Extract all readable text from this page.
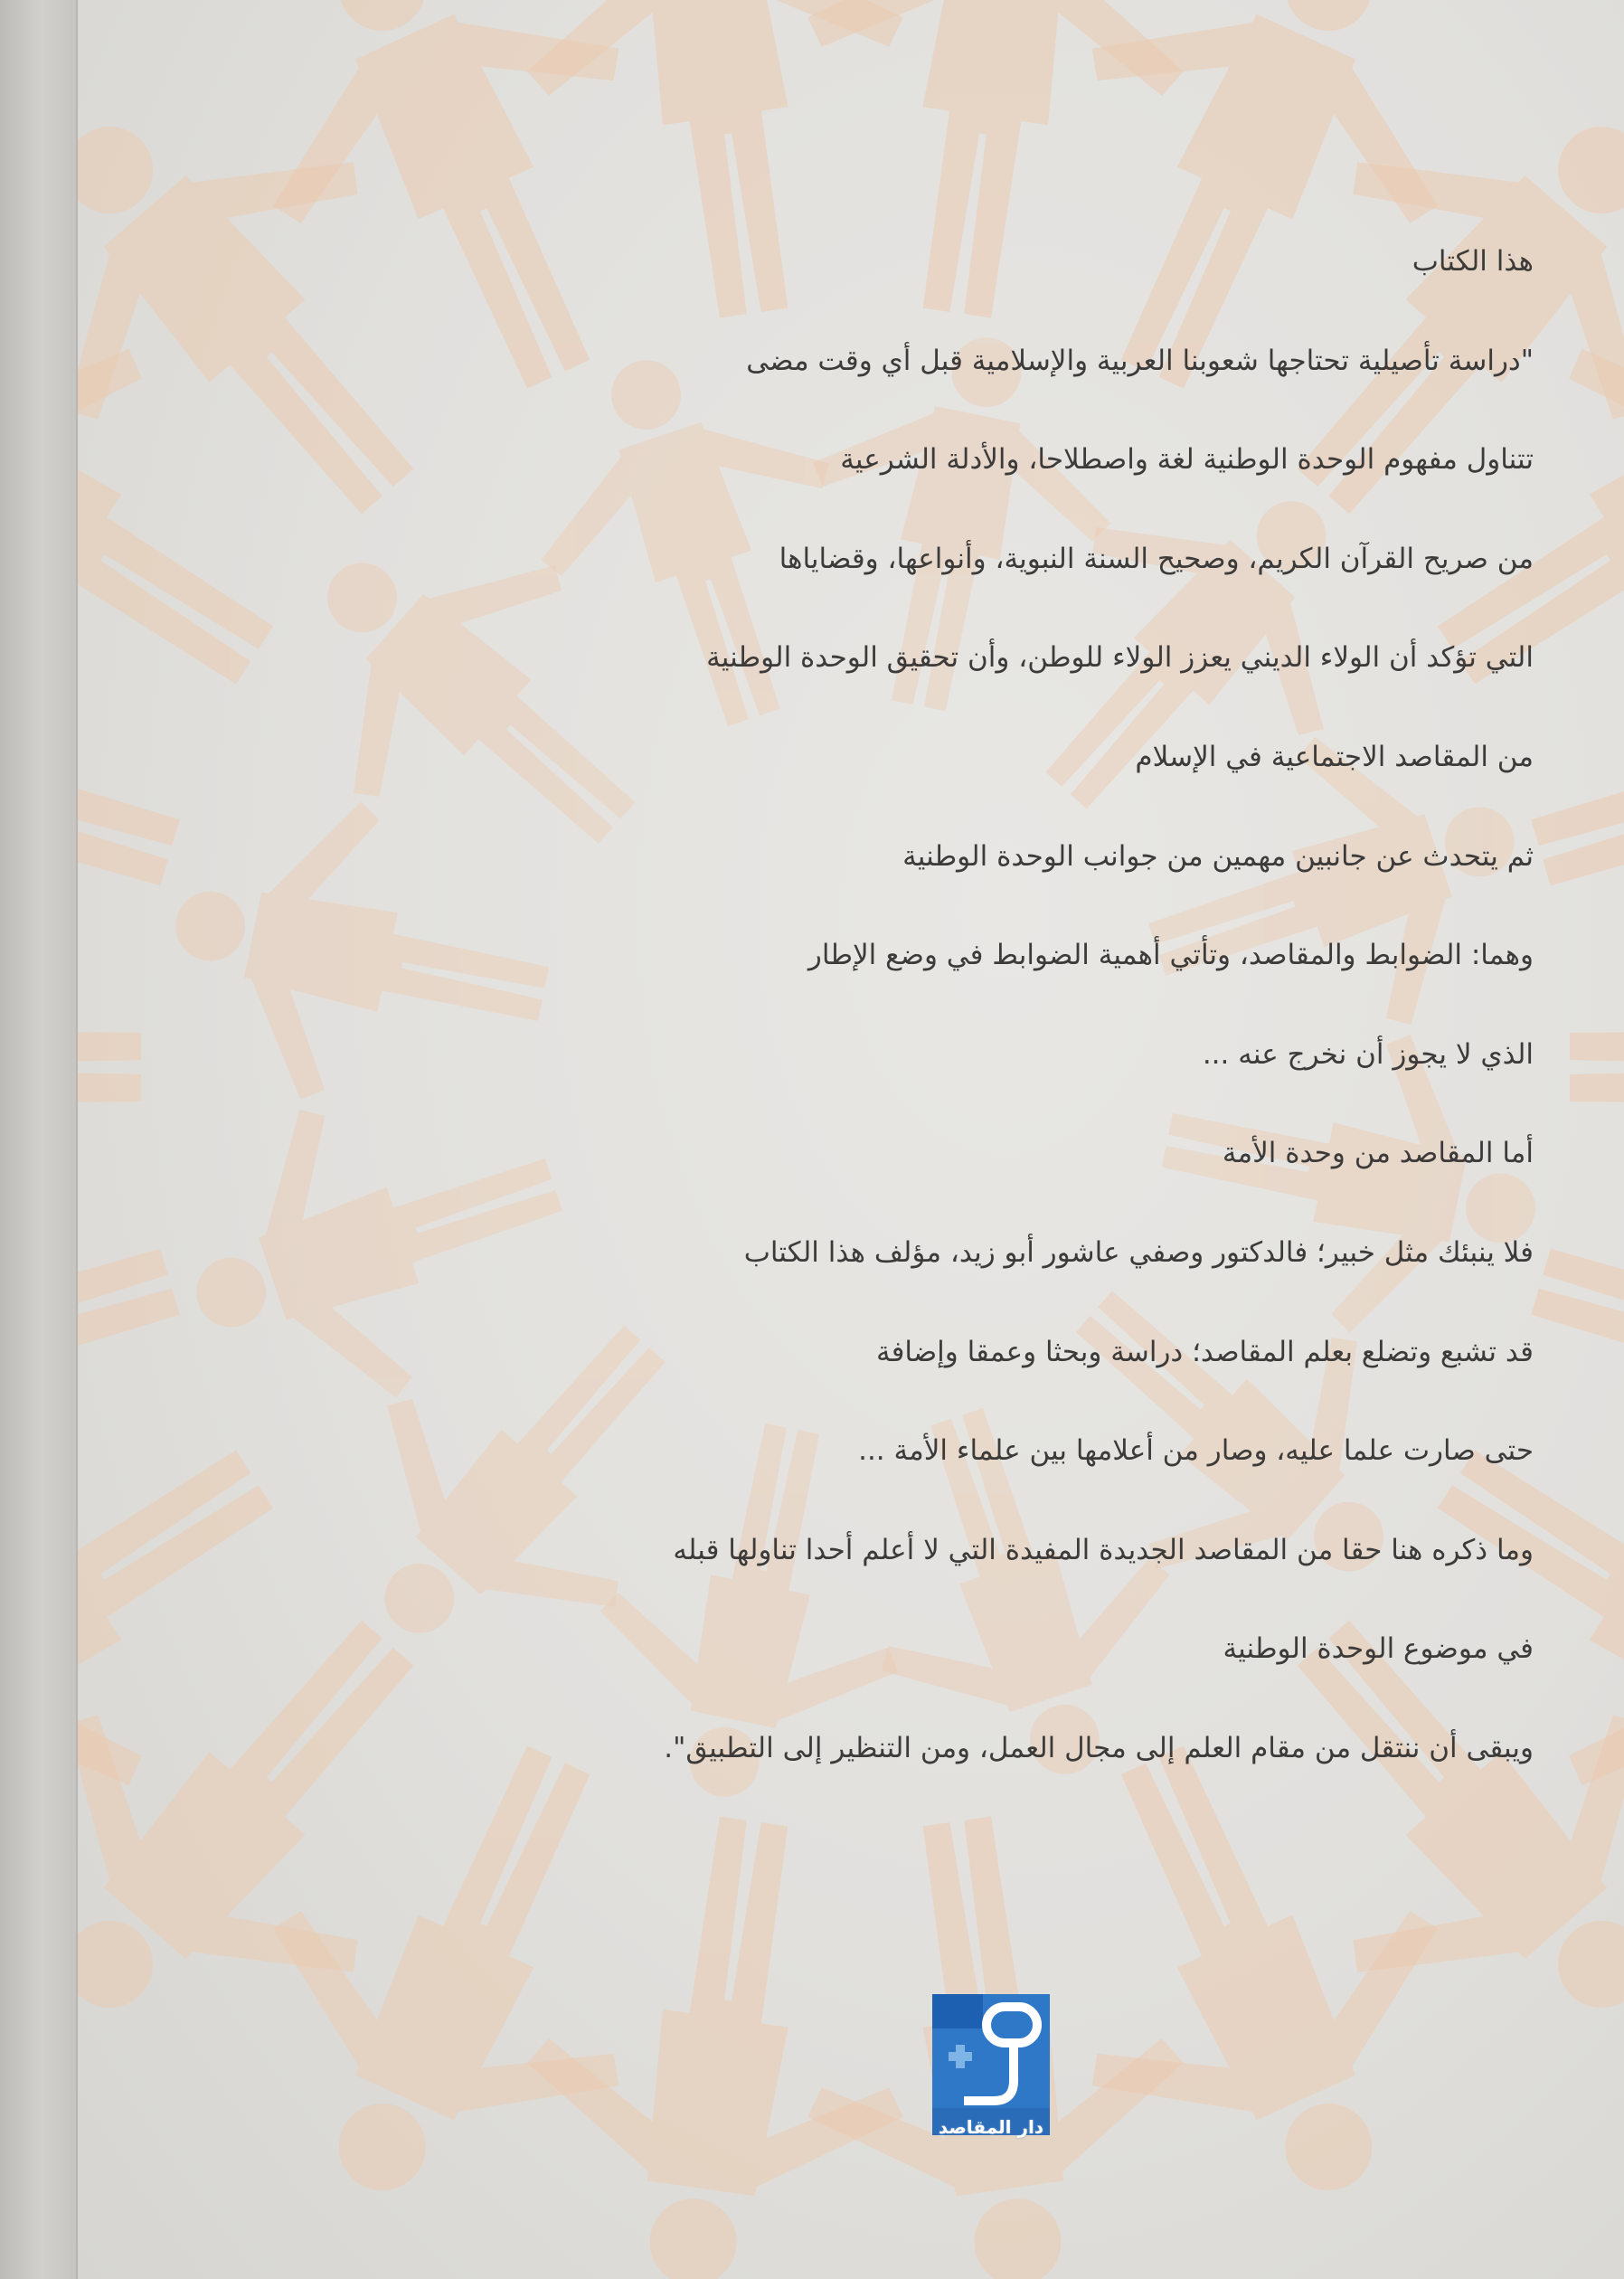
هذا الكتاب
"دراسة تأصيلية تحتاجها شعوبنا العربية والإسلامية قبل أي وقت مضى
تتناول مفهوم الوحدة الوطنية لغة واصطلاحا، والأدلة الشرعية
من صريح القرآن الكريم، وصحيح السنة النبوية، وأنواعها، وقضاياها
التي تؤكد أن الولاء الديني يعزز الولاء للوطن، وأن تحقيق الوحدة الوطنية
من المقاصد الاجتماعية في الإسلام
ثم يتحدث عن جانبين مهمين من جوانب الوحدة الوطنية
وهما: الضوابط والمقاصد، وتأتي أهمية الضوابط في وضع الإطار
الذي لا يجوز أن نخرج عنه ...
أما المقاصد من وحدة الأمة
فلا ينبئك مثل خبير؛ فالدكتور وصفي عاشور أبو زيد، مؤلف هذا الكتاب
قد تشبع وتضلع بعلم المقاصد؛ دراسة وبحثا وعمقا وإضافة
حتى صارت علما عليه، وصار من أعلامها بين علماء الأمة ...
وما ذكره هنا حقا من المقاصد الجديدة المفيدة التي لا أعلم أحدا تناولها قبله
في موضوع الوحدة الوطنية
ويبقى أن ننتقل من مقام العلم إلى مجال العمل، ومن التنظير إلى التطبيق".
دار المقاصد
